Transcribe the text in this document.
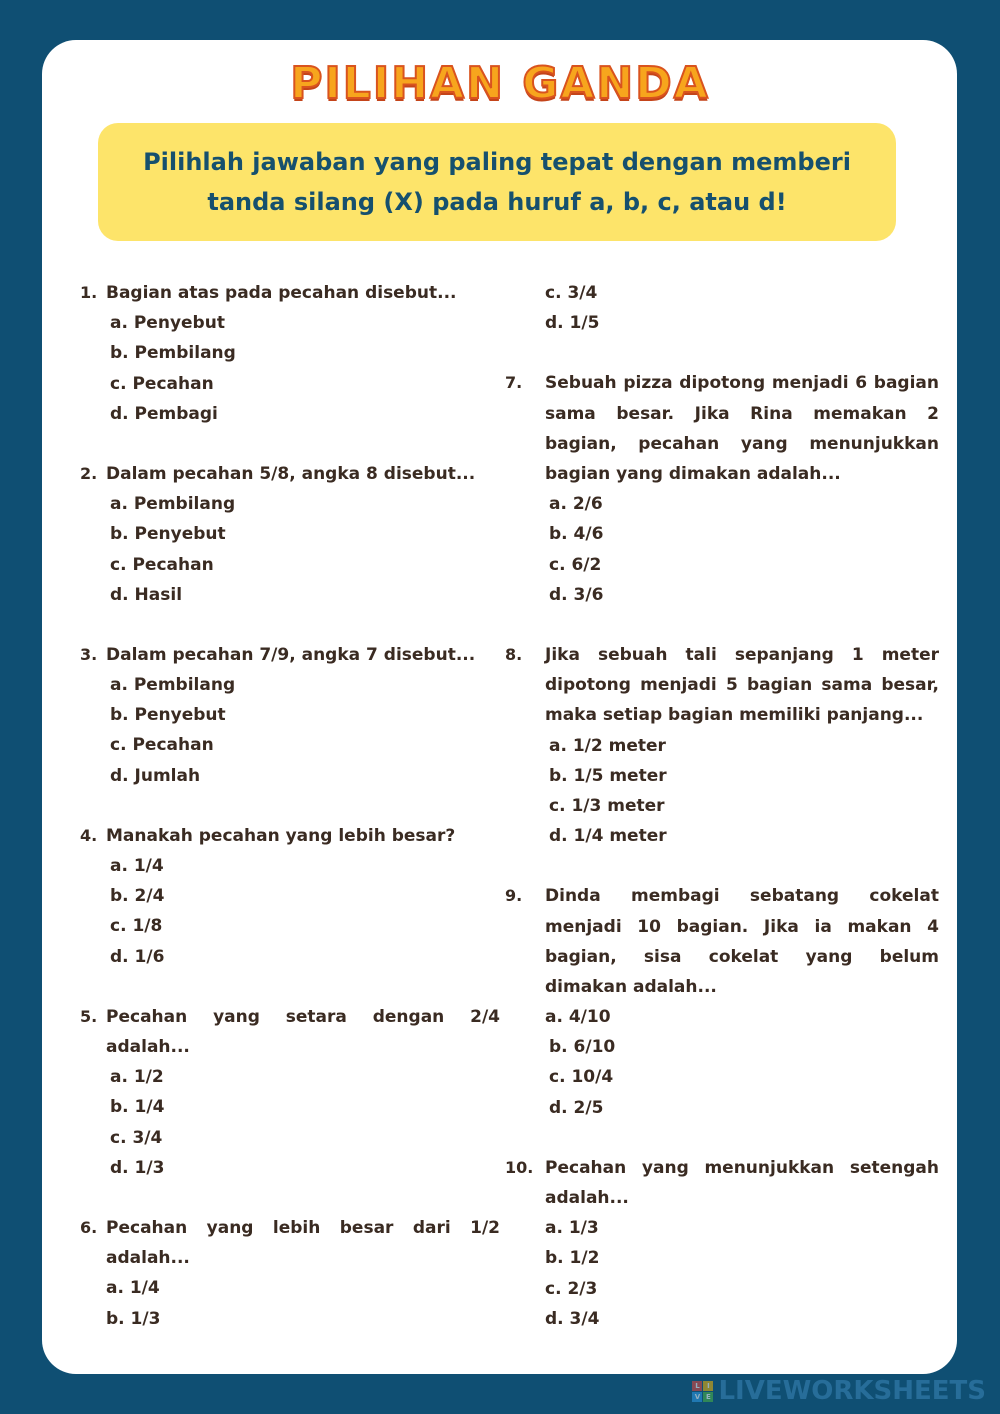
PILIHAN GANDA
Pilihlah jawaban yang paling tepat dengan memberi tanda silang (X) pada huruf a, b, c, atau d!
1. Bagian atas pada pecahan disebut...
a. Penyebut
b. Pembilang
c. Pecahan
d. Pembagi
2. Dalam pecahan 5/8, angka 8 disebut...
a. Pembilang
b. Penyebut
c. Pecahan
d. Hasil
3. Dalam pecahan 7/9, angka 7 disebut...
a. Pembilang
b. Penyebut
c. Pecahan
d. Jumlah
4. Manakah pecahan yang lebih besar?
a. 1/4
b. 2/4
c. 1/8
d. 1/6
5. Pecahan yang setara dengan 2/4 adalah...
a. 1/2
b. 1/4
c. 3/4
d. 1/3
6. Pecahan yang lebih besar dari 1/2 adalah...
a. 1/4
b. 1/3
c. 3/4
d. 1/5
7.	Sebuah pizza dipotong menjadi 6 bagian sama besar. Jika Rina memakan 2 bagian, pecahan yang menunjukkan bagian yang dimakan adalah...
a. 2/6
b. 4/6
c. 6/2
d. 3/6
8.	Jika sebuah tali sepanjang 1 meter dipotong menjadi 5 bagian sama besar, maka setiap bagian memiliki panjang...
a. 1/2 meter
b. 1/5 meter
c. 1/3 meter
d. 1/4 meter
9.	Dinda membagi sebatang cokelat menjadi 10 bagian. Jika ia makan 4 bagian, sisa cokelat yang belum dimakan adalah...
a. 4/10
b. 6/10
c. 10/4
d. 2/5
10. Pecahan yang menunjukkan setengah adalah...
a. 1/3
b. 1/2
c. 2/3
d. 3/4
L	I
V E LIVEWORKSHEETS
